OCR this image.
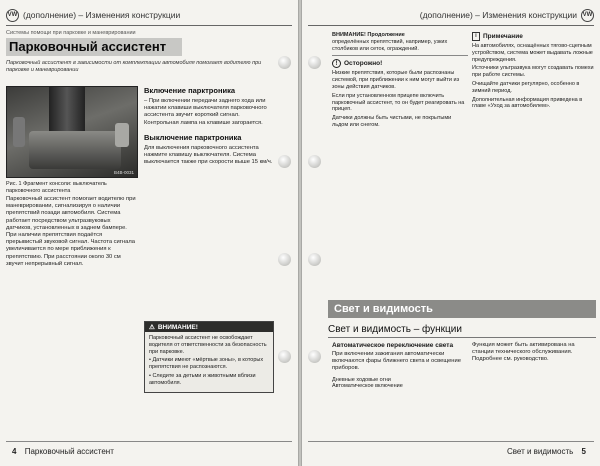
VW (дополнение) – Изменения конструкции
Системы помощи при парковке и маневрировании
Парковочный ассистент
Парковочный ассистент в зависимости от комплектации автомобиля помогает водителю при парковке и маневрировании
B4B-0031
Рис. 1 Фрагмент консоли: выключатель парковочного ассистента
Парковочный ассистент помогает водителю при маневрировании, сигнализируя о наличии препятствий позади автомобиля. Система работает посредством ультразвуковых датчиков, установленных в заднем бампере. При наличии препятствия подаётся прерывистый звуковой сигнал. Частота сигнала увеличивается по мере приближения к препятствию. При расстоянии около 30 см звучит непрерывный сигнал.
Включение парктроника
– При включении передачи заднего хода или нажатии клавиши выключателя парковочного ассистента звучит короткий сигнал. Контрольная лампа на клавише загорается.
Выключение парктроника
Для выключения парковочного ассистента нажмите клавишу выключателя. Система выключается также при скорости выше 15 км/ч.
⚠ ВНИМАНИЕ!

Парковочный ассистент не освобождает водителя от ответственности за безопасность при парковке.

• Датчики имеют «мёртвые зоны», в которых препятствия не распознаются.

• Следите за детьми и животными вблизи автомобиля.

4 Парковочный ассистент
(дополнение) – Изменения конструкции VW
ВНИМАНИЕ! Продолжение
определённых препятствий, например, узких столбиков или сеток, ограждений.
!	Осторожно!

Низкие препятствия, которые были распознаны системой, при приближении к ним могут выйти из зоны действия датчиков.

Если при установленном прицепе включить парковочный ассистент, то он будет реагировать на прицеп.

Датчики должны быть чистыми, не покрытыми льдом или снегом.

i Примечание

На автомобилях, оснащённых тягово-сцепным устройством, система может выдавать ложные предупреждения.

Источники ультразвука могут создавать помехи при работе системы.

Очищайте датчики регулярно, особенно в зимний период.

Дополнительная информация приведена в главе «Уход за автомобилем».

Свет и видимость
Свет и видимость – функции
Автоматическое переключение света
При включении зажигания автоматически включаются фары ближнего света и освещение приборов.

Дневные ходовые огни

Автоматическое включение

Функция может быть активирована на станции технического обслуживания. Подробнее см. руководство.
Свет и видимость 5
